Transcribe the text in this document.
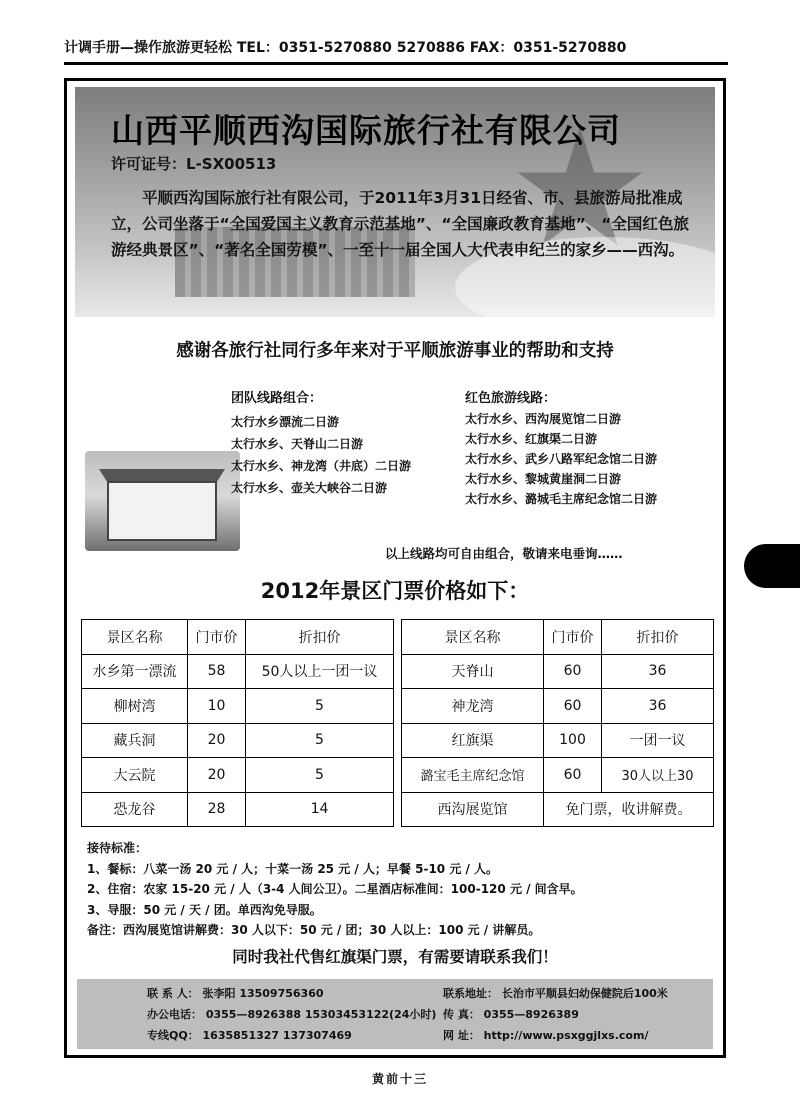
计调手册—操作旅游更轻松 TEL：0351-5270880 5270886 FAX：0351-5270880
山西平顺西沟国际旅行社有限公司
许可证号：L-SX00513
平顺西沟国际旅行社有限公司，于2011年3月31日经省、市、县旅游局批准成立，公司坐落于“全国爱国主义教育示范基地”、“全国廉政教育基地”、“全国红色旅游经典景区”、“著名全国劳模”、一至十一届全国人大代表申纪兰的家乡——西沟。
感谢各旅行社同行多年来对于平顺旅游事业的帮助和支持
团队线路组合：
太行水乡漂流二日游
太行水乡、天脊山二日游
太行水乡、神龙湾（井底）二日游
太行水乡、壶关大峡谷二日游
红色旅游线路：
太行水乡、西沟展览馆二日游
太行水乡、红旗渠二日游
太行水乡、武乡八路军纪念馆二日游
太行水乡、黎城黄崖洞二日游
太行水乡、潞城毛主席纪念馆二日游
以上线路均可自由组合，敬请来电垂询……
2012年景区门票价格如下：
景区名称	门市价	折扣价		景区名称	门市价	折扣价
水乡第一漂流	58	50人以上一团一议		天脊山	60	36
柳树湾	10	5		神龙湾	60	36
藏兵洞	20	5		红旗渠	100	一团一议
大云院	20	5		潞宝毛主席纪念馆	60	30人以上30
恐龙谷	28	14		西沟展览馆	免门票，收讲解费。	
接待标准：
1、餐标：八菜一汤 20 元 / 人；十菜一汤 25 元 / 人；早餐 5-10 元 / 人。
2、住宿：农家 15-20 元 / 人（3-4 人间公卫）。二星酒店标准间：100-120 元 / 间含早。
3、导服：50 元 / 天 / 团。单西沟免导服。
备注：西沟展览馆讲解费：30 人以下：50 元 / 团；30 人以上：100 元 / 讲解员。
同时我社代售红旗渠门票，有需要请联系我们！
联 系 人： 张李阳 13509756360
办公电话： 0355—8926388 15303453122(24小时)
专线QQ： 1635851327 137307469
联系地址： 长治市平顺县妇幼保健院后100米
传 真： 0355—8926389
网 址： http://www.psxggjlxs.com/
黄前十三
